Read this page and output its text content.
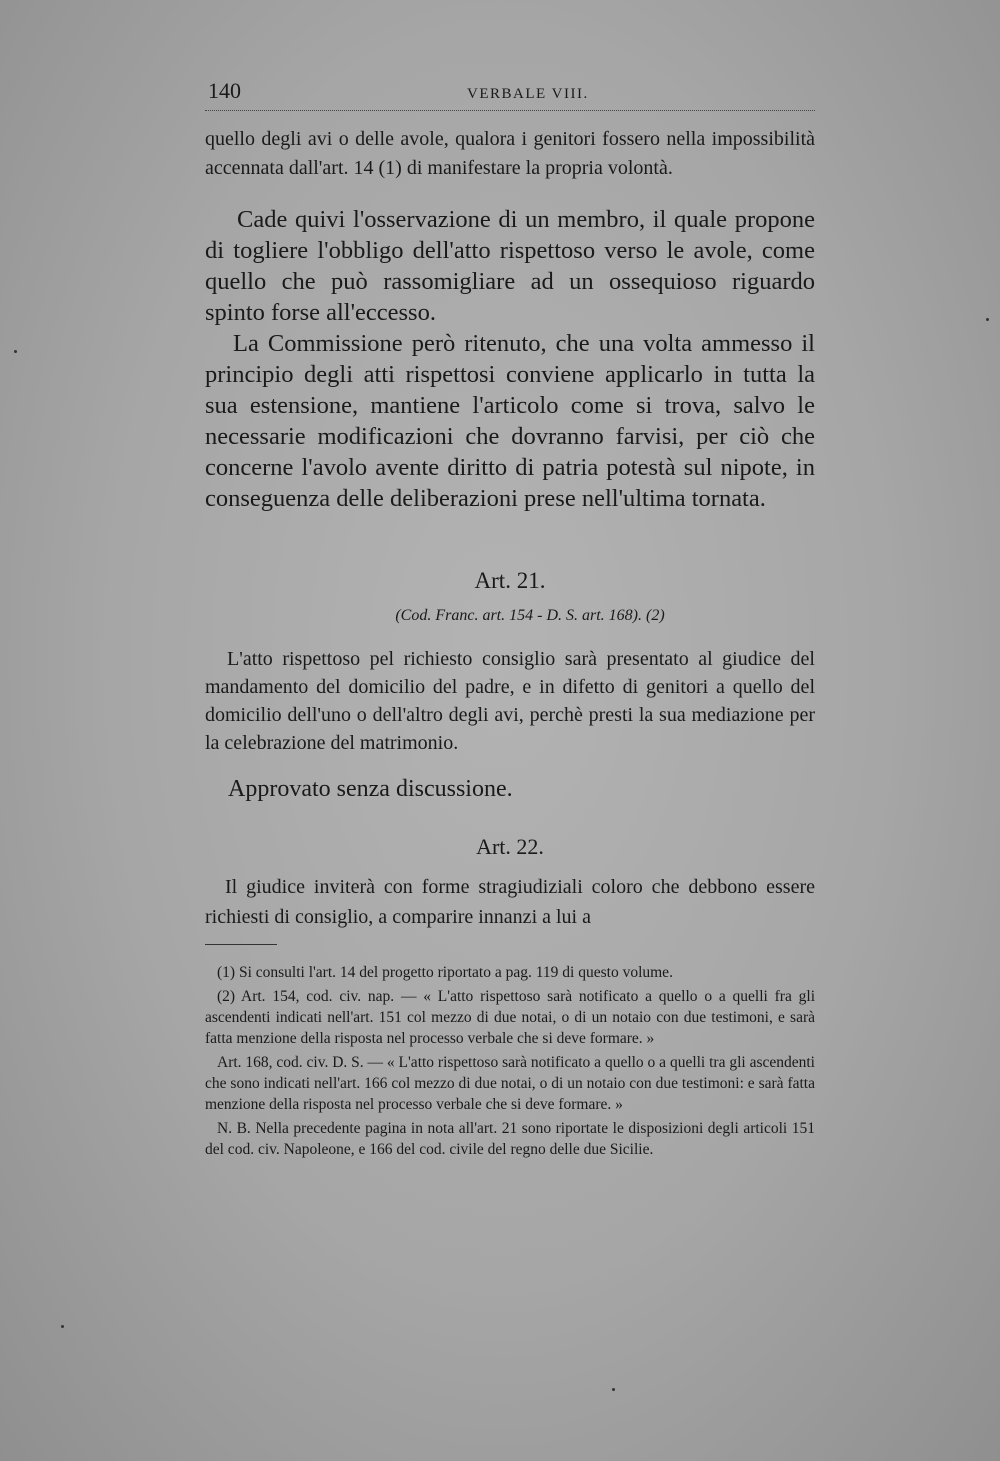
140	VERBALE VIII.

quello degli avi o delle avole, qualora i genitori fossero nella impossibilità accennata dall'art. 14 (1) di manifestare la propria volontà.

Cade quivi l'osservazione di un membro, il quale propone di togliere l'obbligo dell'atto rispettoso verso le avole, come quello che può rassomigliare ad un ossequioso riguardo spinto forse all'eccesso.

La Commissione però ritenuto, che una volta ammesso il principio degli atti rispettosi conviene applicarlo in tutta la sua estensione, mantiene l'articolo come si trova, salvo le necessarie modificazioni che dovranno farvisi, per ciò che concerne l'avolo avente diritto di patria potestà sul nipote, in conseguenza delle deliberazioni prese nell'ultima tornata.

Art. 21.

(Cod. Franc. art. 154 - D. S. art. 168). (2)

L'atto rispettoso pel richiesto consiglio sarà presentato al giudice del mandamento del domicilio del padre, e in difetto di genitori a quello del domicilio dell'uno o dell'altro degli avi, perchè presti la sua mediazione per la celebrazione del matrimonio.

Approvato senza discussione.

Art. 22.

Il giudice inviterà con forme stragiudiziali coloro che debbono essere richiesti di consiglio, a comparire innanzi a lui a

(1) Si consulti l'art. 14 del progetto riportato a pag. 119 di questo volume.

(2) Art. 154, cod. civ. nap. — « L'atto rispettoso sarà notificato a quello o a quelli fra gli ascendenti indicati nell'art. 151 col mezzo di due notai, o di un notaio con due testimoni, e sarà fatta menzione della risposta nel processo verbale che si deve formare. »

Art. 168, cod. civ. D. S. — « L'atto rispettoso sarà notificato a quello o a quelli tra gli ascendenti che sono indicati nell'art. 166 col mezzo di due notai, o di un notaio con due testimoni: e sarà fatta menzione della risposta nel processo verbale che si deve formare. »

N. B. Nella precedente pagina in nota all'art. 21 sono riportate le disposizioni degli articoli 151 del cod. civ. Napoleone, e 166 del cod. civile del regno delle due Sicilie.
